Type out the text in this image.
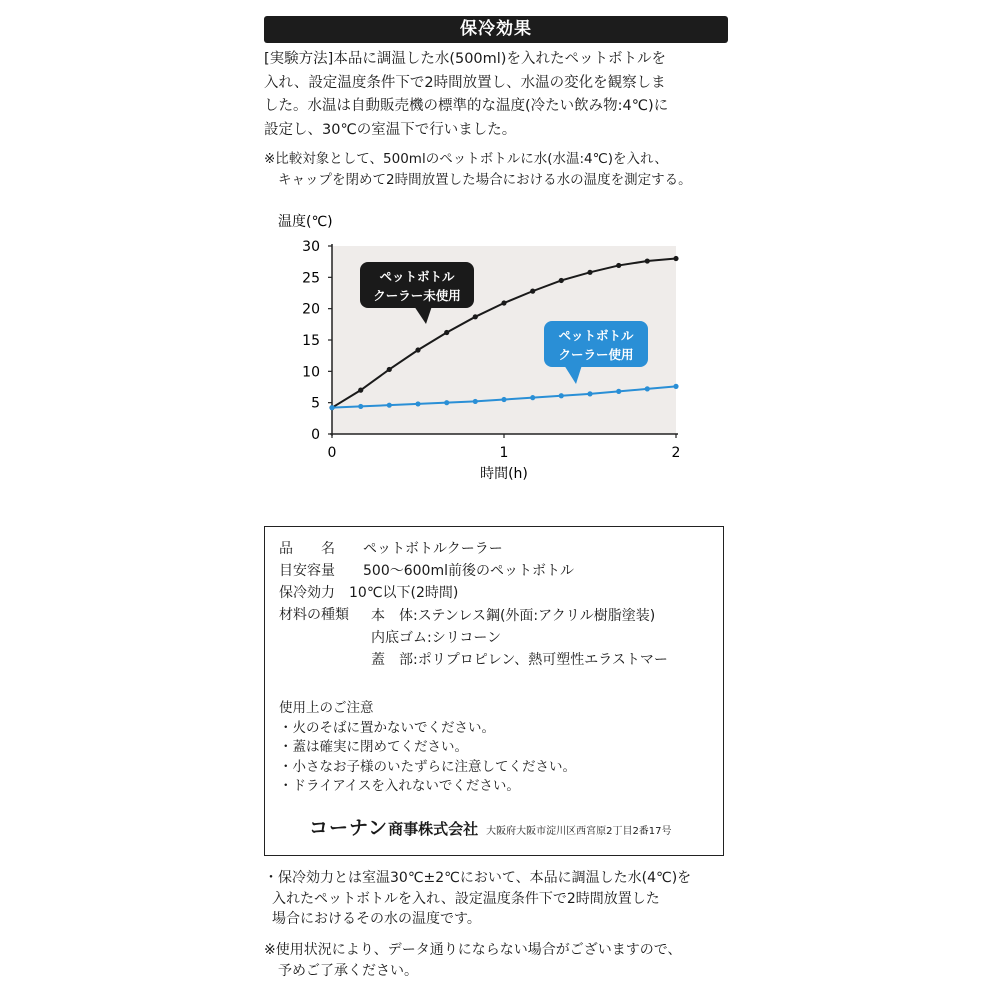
保冷効果

[実験方法]本品に調温した水(500ml)を入れたペットボトルを
入れ、設定温度条件下で2時間放置し、水温の変化を観察しま
した。水温は自動販売機の標準的な温度(冷たい飲み物:4℃)に
設定し、30℃の室温下で行いました。

※比較対象として、500mlのペットボトルに水(水温:4℃)を入れ、
キャップを閉めて2時間放置した場合における水の温度を測定する。

温度(℃)
時間(h)
0
5
10
15
20
25
30
0	1	2
ペットボトル
クーラー未使用
ペットボトル
クーラー使用
品　　名 ペットボトルクーラー
目安容量 500〜600ml前後のペットボトル
保冷効力 10℃以下(2時間)
材料の種類 本　体:ステンレス鋼(外面:アクリル樹脂塗装)
内底ゴム:シリコーン
蓋　部:ポリプロピレン、熱可塑性エラストマー
使用上のご注意
・火のそばに置かないでください。
・蓋は確実に閉めてください。
・小さなお子様のいたずらに注意してください。
・ドライアイスを入れないでください。
コーナン商事株式会社 大阪府大阪市淀川区西宮原2丁目2番17号
・保冷効力とは室温30℃±2℃において、本品に調温した水(4℃)を
入れたペットボトルを入れ、設定温度条件下で2時間放置した
場合におけるその水の温度です。
※使用状況により、データ通りにならない場合がございますので、
予めご了承ください。
